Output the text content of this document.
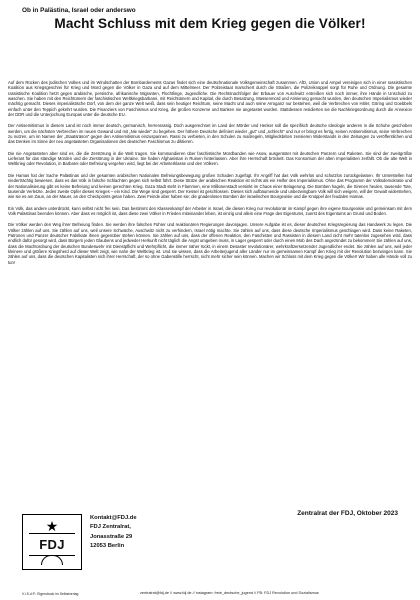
Ob in Palästina, Israel oder anderswo
Macht Schluss mit dem Krieg gegen die Völker!

Auf dem Rücken des jüdischen Volkes und im Windschatten der Bombardements Gazas findet sich eine deutschnationale Volksgemeinschaft zusammen. AfD, Union und Ampel vereinigen sich in einer rassistischen Koalition aus Kriegsgeschrei für Krieg und Mord gegen die Völker in Gaza und auf dem Mittelmeer. Der Polizeistaat marschiert durch die Straßen, die Polizeiknüppel sorgt für Ruhe und Ordnung. Die gesamte rassistische Koalition hetzt gegen arabische, persische, afrikanische Migranten, Flüchtlinge, Jugendliche. Die Rechtsnachfolger der Erbauer von Auschwitz entreißen sich noch immer, ihre Hände in Unschuld zu waschen. Sie haben mit den Reichtümern der faschistischen Weltkriegsbarbarei, mit Reichtümern und Kapital, die durch Besatzung, Massenmord und Arisierung gemacht wurden, den deutschen Imperialismus wieder mächtig gemacht. Dieses imperialistische Dorf, von dem der ganze Welt weiß, dass sein heutiger Reichtum, seine Macht und auch seine Arroganz nur bestehen, weil die Verbrechen von Hitler, Göring und Goebbels einfach unter den Teppich gekehrt wurden. Die Finanziers von Faschismus und Krieg, die großen Konzerne und Banken nie angetastet wurden. Stattdessen residierten sie die Nachkriegsordnung durch die Annexion der DDR und die Unterjochung Europas unter die deutsche EU.

Der Antisemitismus in diesem Land ist noch immer deutsch, germanisch, herrenrassig. Doch ausgerechnet im Land der Mörder und Henker soll die spezifisch deutsche Ideologie anderen in die Schuhe geschoben werden, um die nächsten Verbrechen im neuen Gewand und mit „Nie wieder“ zu begehen. Der höhere Deutsche definiert wieder „gut“ und „schlecht“ und nur er bringt es fertig, seinen Antisemitismus, seine Verbrechen zu nutzen, um im Namen der „Staatsräson“ gegen den Antisemitismus einzuspannen. Rassi zu verbieten, in den Schulen zu maßregeln, Mitgliedsbriten zensieren Widerstands in den Zeitungen zu veröffentlichen und das Denken im Sinne der neu angetasteten Organisationen des deutschen Faschismus zu diktieren.

Die nie Angetasteten aber sind es, die die Zerstörung in die Welt tragen. Sie kommandieren über faschistische Mordbanden wie Asow, ausgerüstet mit deutschen Panzern und Raketen. Sie sind der zweitgrößte Lieferant für das ständige Morden und die Zerstörung in der Ukraine. Sie haben Afghanistan in Ruinen hinterlassen. Aber ihre Herrschaft bröckelt. Das Konsortium der alten Imperialisten zerfällt. Ob die alte Welt in Weltkrieg oder Revolution, in Barbarei oder Befreiung vergehen wird, liegt bei der Arbeiterklasse und den Völkern.

Die Hamas hat der Sache Palästinas und der gesamten arabischen Nationalen Befreiungsbewegung großen Schaden zugefügt. Ihr Angriff hat das Volk wehrlos und schutzlos zurückgelassen. Ihr Unterstellen hat niederträchtig bewiesen, dass es das Volk in falsche Schlachten gegen sich selbst führt. Diese Stütze der arabischen Reaktion ist nichts als ein Helfer des Imperialismus. Ohne das Programm der Volksdemokratie und der Nationalisierung gibt es keine Befreiung und keinen gerechten Krieg. Gaza Stadt steht in Flammen, eine Millionenstadt versinkt im Chaos einer Belagerung. Die Bomben hageln, die Sirenen heulen, tausende Tote, tausende Verletzte. Jedes zweite Opfer dieses Krieges – ein Kind. Die Wege sind gesperrt. Der Kessel ist geschlossen. Dieses sich aufbäumende und unbezwingbare Volk will sich weigern, will der Gewalt widerstehen, wie sie es am Zaun, an der Mauer, an den Checkpoints getan haben. Zwei Feinde aber haben sie: die gnadenlosen Bomben der israelischen Bourgeoisie und die Knüppel der feudalen Hamas.

Ein Volk, das andere unterdrückt, kann selbst nicht frei sein. Das bestimmt den Klassenkampf der Arbeiter in Israel, die diesen Krieg nur revolutionär im Kampf gegen ihre eigene Bourgeoisie und gemeinsam mit dem Volk Palästinas beenden können. Aber dass es möglich ist, dass diese zwei Völker in Frieden miteinander leben, ist einzig und allein eine Frage des Eigentums, zuerst des Eigentums an Grund und Boden.

Die Völker werden den Weg ihrer Befreiung finden. Sie werden ihre falschen Führer und reaktionären Regierungen davonjagen. Unsere Aufgabe ist es, dieser deutschen Kriegsregierung das Handwerk zu legen. Die Völker zählen auf uns. Sie zählen auf uns, weil unsere Schwäche, Auschwitz nicht zu verhindern, Israel nötig machte. Sie zählen auf uns, dass diese deutsche Imperialismus geschlagen wird. Dass keine Raketen, Patronen und Panzer deutscher Fabrikate ihnen gegenüber stehen können. Sie zählen auf uns, dass der offenen Reaktion, den Faschisten und Rassisten in diesem Land nicht mehr tatenlos zugesehen wird, dass endlich dafür gesorgt wird, dass Bürgern jeden Glaubens und jedweder Herkunft nicht täglich die Angst umgeben muss, in Lager gesperrt oder durch einen Mob des Dach angezündet zu bekommen! Sie zählen auf uns, dass die Machtordnung der deutschen Bundeswehr mit Dienstpflicht und Wehrpflicht, die immer näher rückt, in einem Desaster revolutionärer, wehrkraftzersetzender Jugendlicher endet. Sie zählen auf uns, weil jeder kleinere und größere Kriegsherd auf dieser Welt zeigt, wie nahe der Weltkrieg ist. Und sie wissen, dass die Arbeiterjugend aller Länder nur im gemeinsamen Kampf den Krieg mit der Revolution bezwingen kann. Sie zählen auf uns, dass die deutschen Kapitalisten sich ihrer Herrschaft, der so ohne Gabenstille herrscht, nicht mehr sicher sein können. Machen wir Schluss mit dem Krieg gegen die Völker! Wir haben alle Hände voll zu tun!

★
FDJ
Kontakt@FDJ.de
FDJ Zentralrat,
Jonasstraße 29
12053 Berlin
Zentralrat der FDJ, Oktober 2023
V.i.S.d.P.: Eigendruck im Selbstverlag	zentralrat@fdj.de // www.fdj.de // instagram: freie_deutsche_jugend // FB: FDJ Revolution und Sozialismus
